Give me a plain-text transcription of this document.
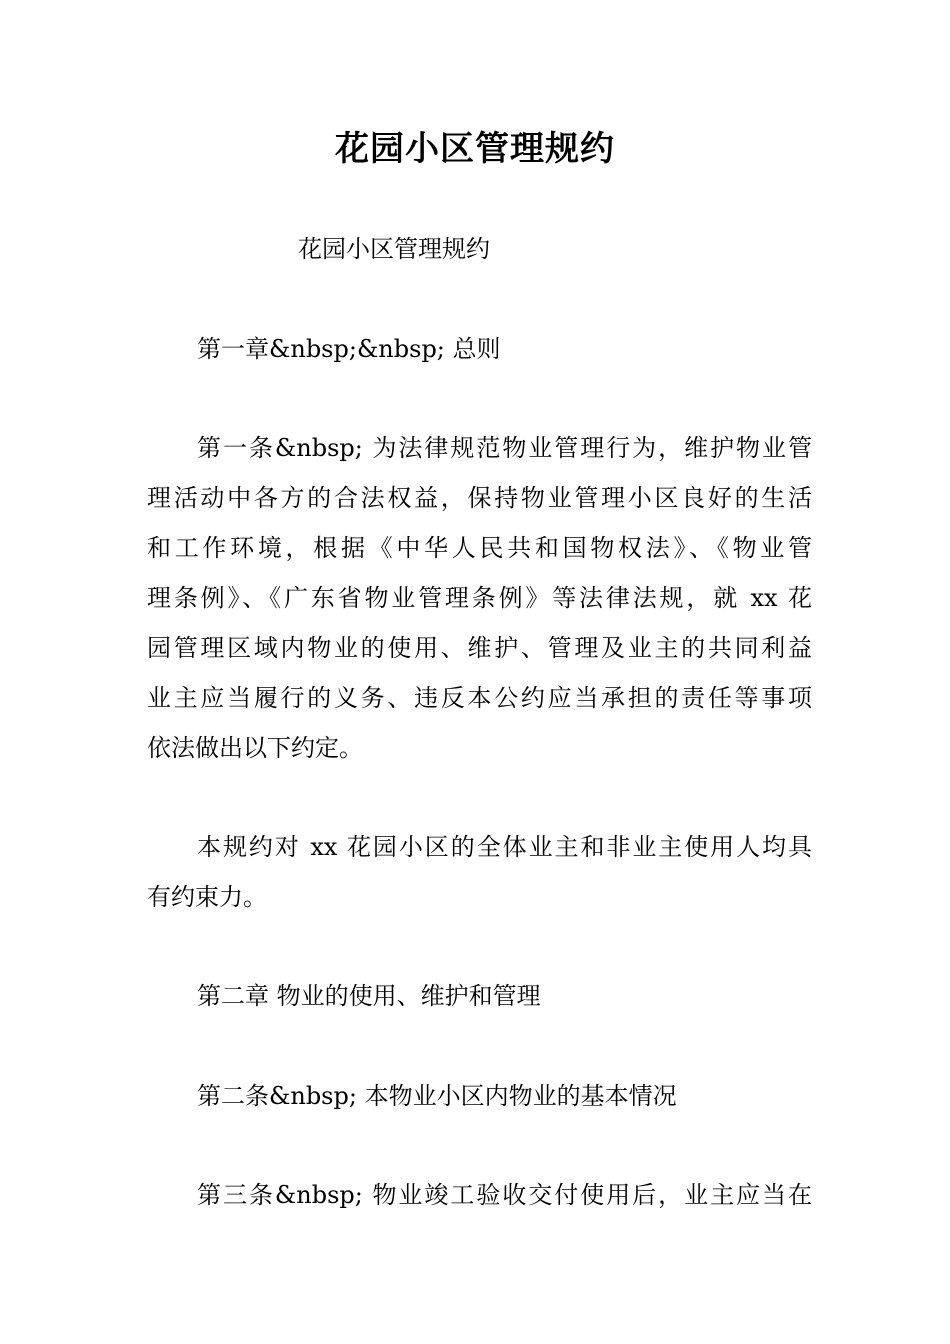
花园小区管理规约
花园小区管理规约
第一章&nbsp;&nbsp; 总则
第一条&nbsp; 为法律规范物业管理行为，维护物业管
理活动中各方的合法权益，保持物业管理小区良好的生活
和工作环境，根据《中华人民共和国物权法》、《物业管
理条例》、《广东省物业管理条例》等法律法规，就 xx 花
园管理区域内物业的使用、维护、管理及业主的共同利益
业主应当履行的义务、违反本公约应当承担的责任等事项
依法做出以下约定。
本规约对 xx 花园小区的全体业主和非业主使用人均具
有约束力。
第二章 物业的使用、维护和管理
第二条&nbsp; 本物业小区内物业的基本情况
第三条&nbsp; 物业竣工验收交付使用后，业主应当在
